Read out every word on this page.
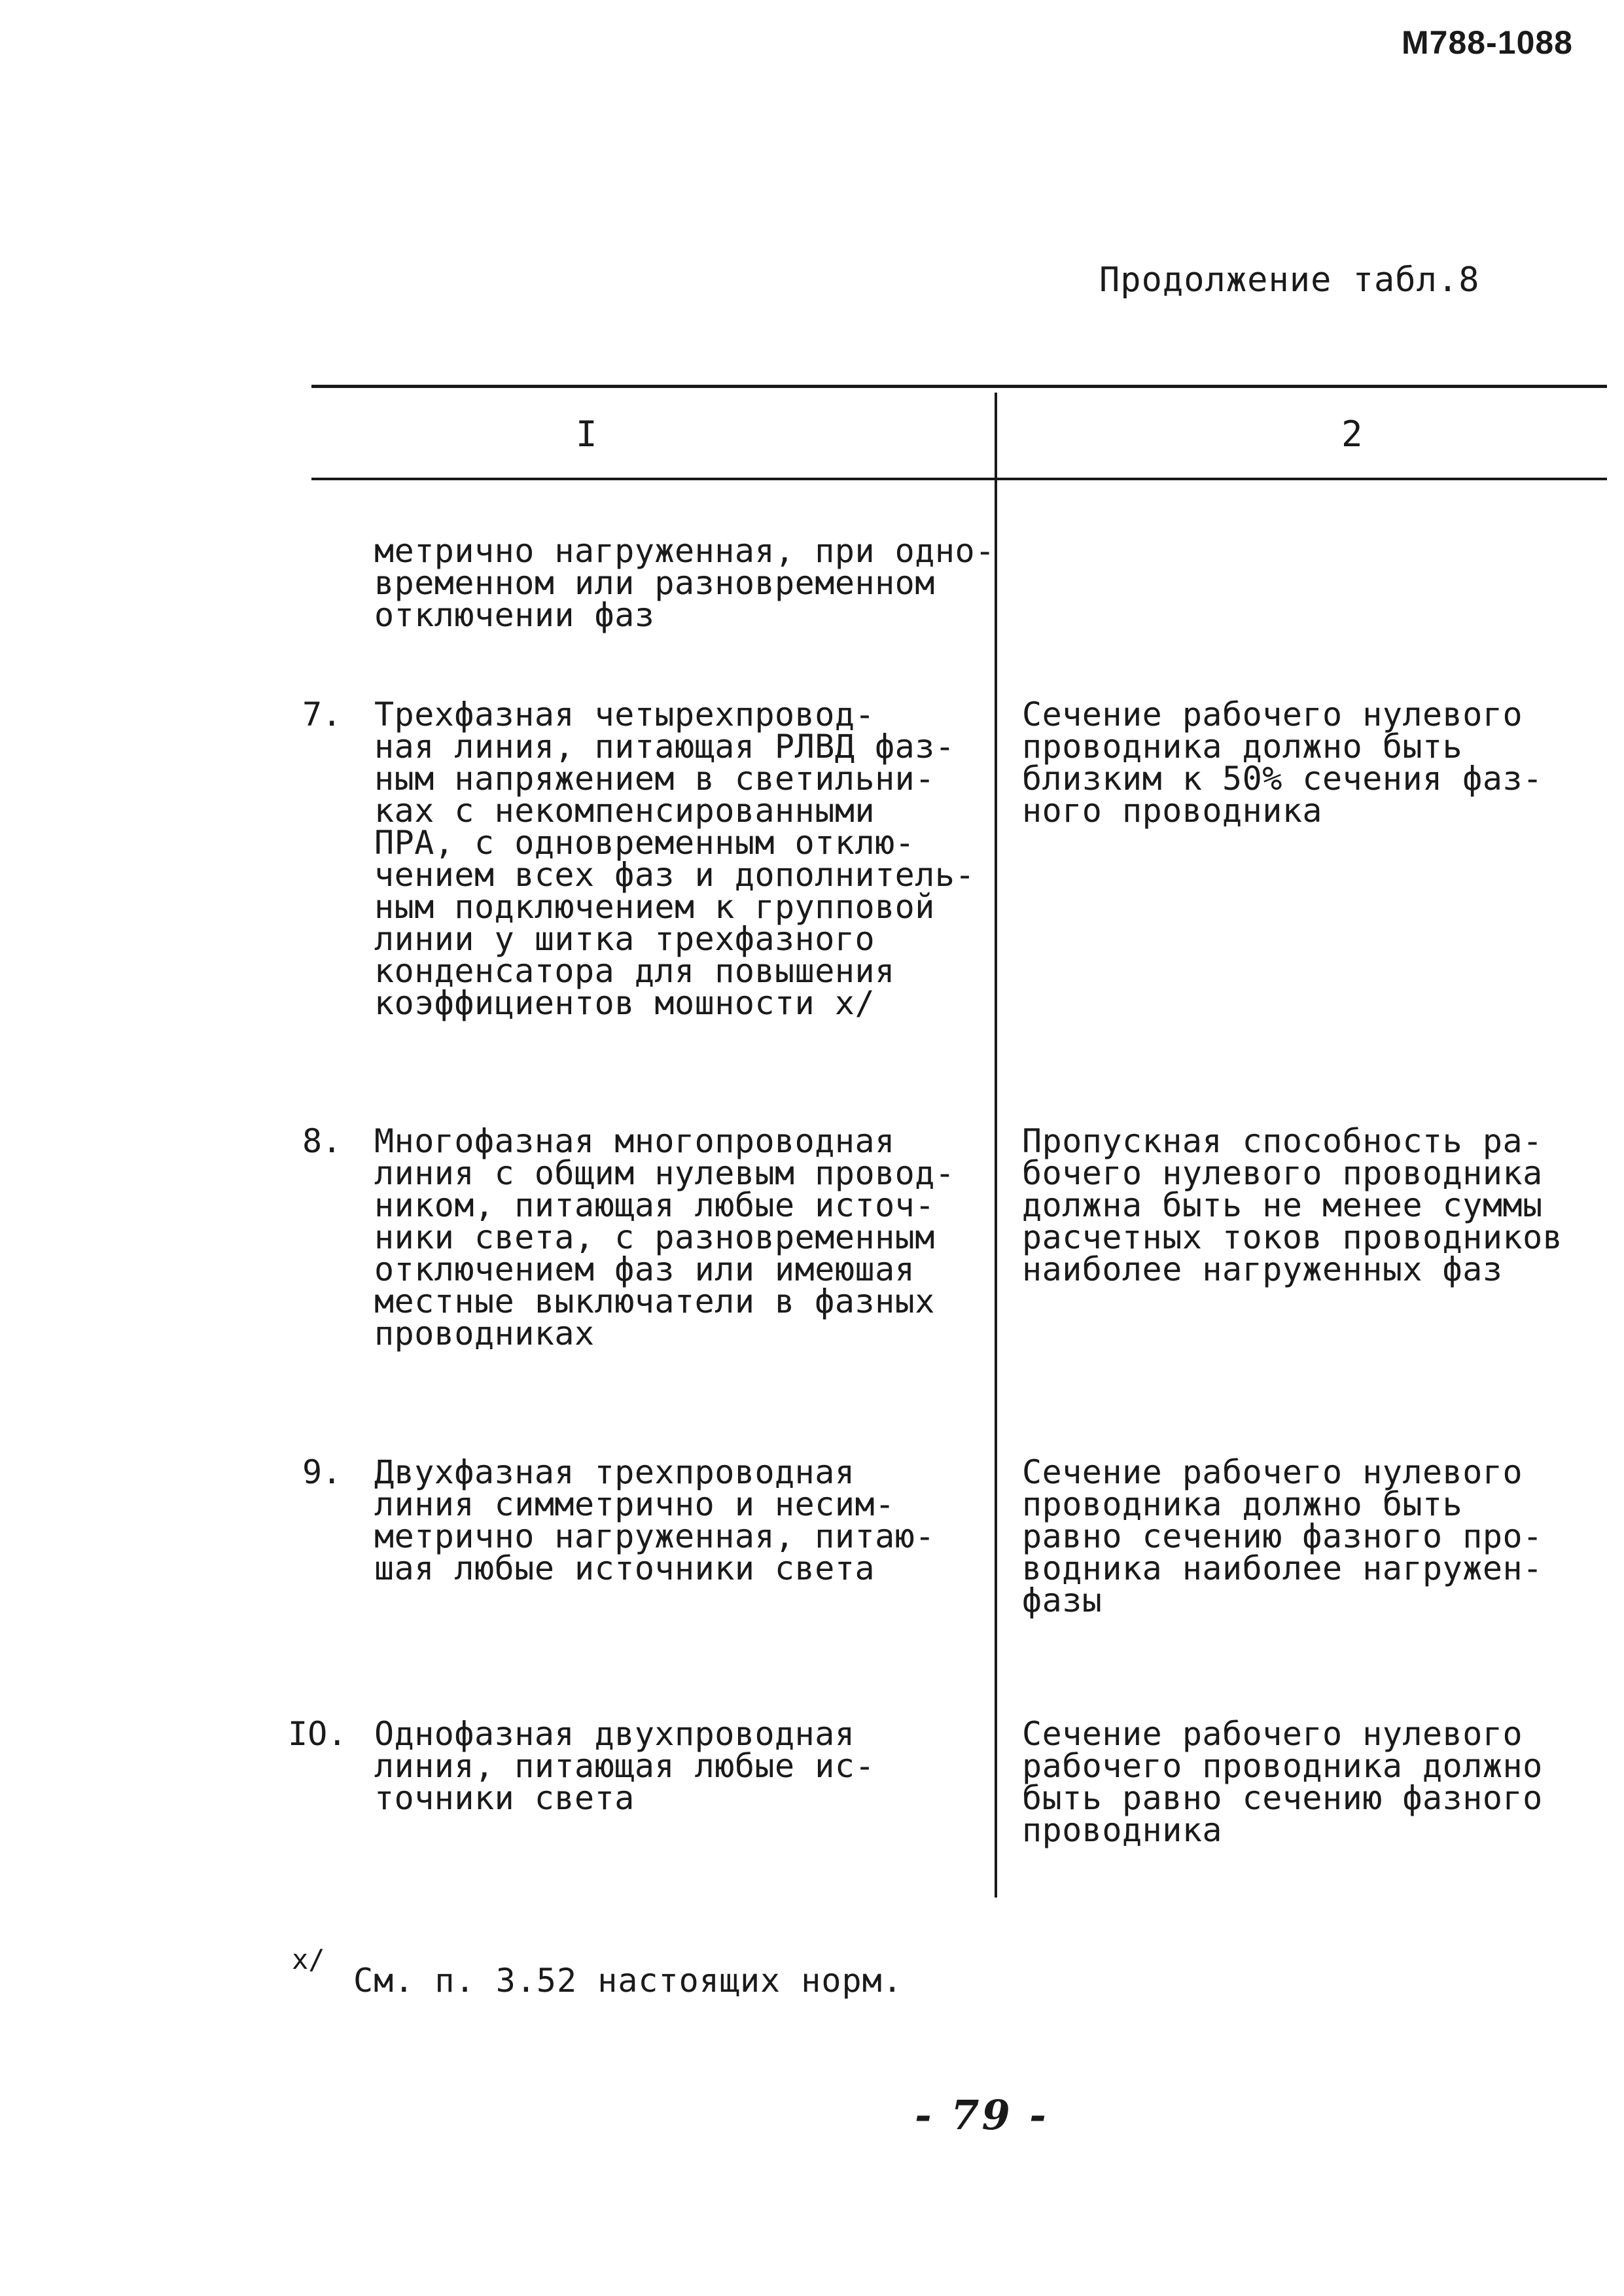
М788-1088
Продолжение табл.8
I	2
метрично нагруженная, при одно-
временном или разновременном
отключении фаз
7. Трехфазная четырехпровод-
ная линия, питающая РЛВД фаз-
ным напряжением в светильни-
ках с некомпенсированными
ПРА, с одновременным отклю-
чением всех фаз и дополнитель-
ным подключением к групповой
линии у шитка трехфазного
конденсатора для повышения
коэффициентов мошности х/
Сечение рабочего нулевого
проводника должно быть
близким к 50% сечения фаз-
ного проводника
8. Многофазная многопроводная
линия с общим нулевым провод-
ником, питающая любые источ-
ники света, с разновременным
отключением фаз или имеюшая
местные выключатели в фазных
проводниках
Пропускная способность ра-
бочего нулевого проводника
должна быть не менее суммы
расчетных токов проводников
наиболее нагруженных фаз
9. Двухфазная трехпроводная
линия симметрично и несим-
метрично нагруженная, питаю-
шая любые источники света
Сечение рабочего нулевого
проводника должно быть
равно сечению фазного про-
водника наиболее нагружен-
фазы
IO. Однофазная двухпроводная
линия, питающая любые ис-
точники света
Сечение рабочего нулевого
рабочего проводника должно
быть равно сечению фазного
проводника
х/
См. п. 3.52 настоящих норм.
- 79 -
